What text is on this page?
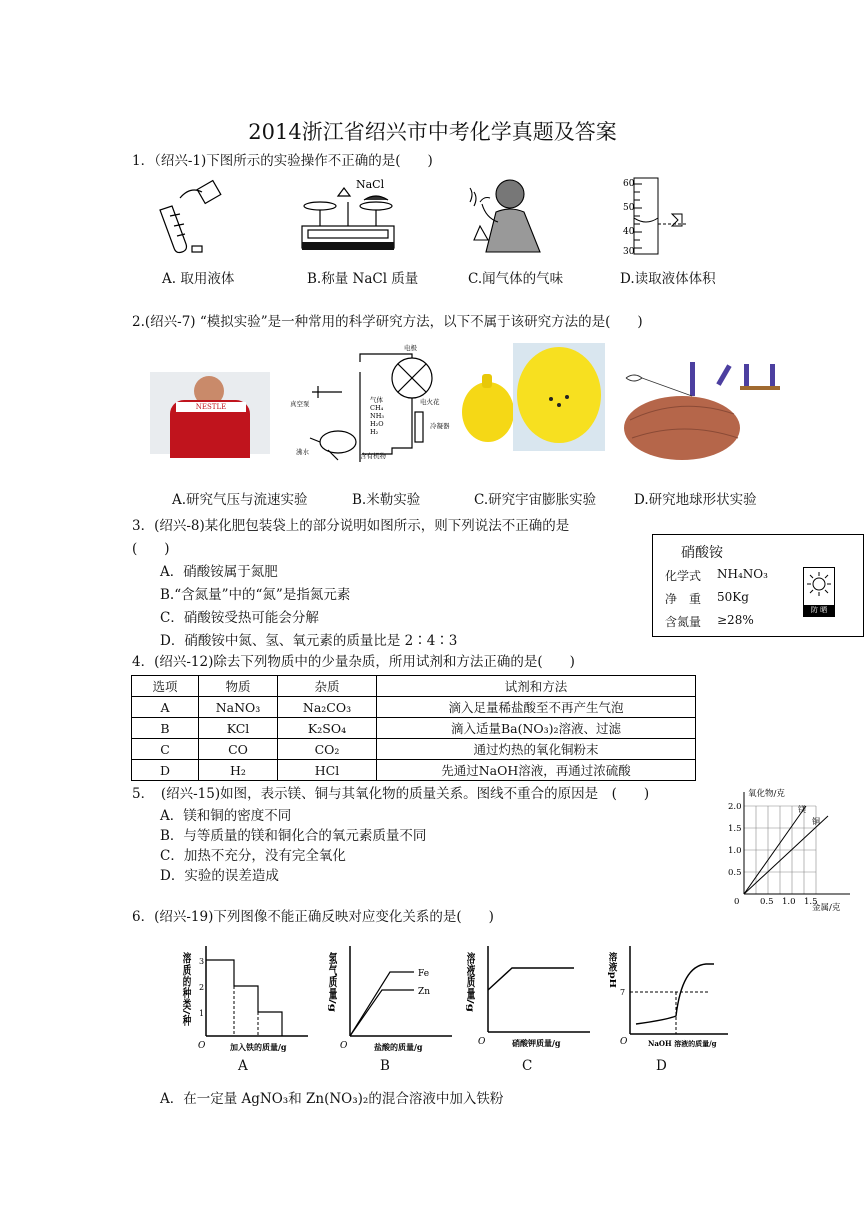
2014浙江省绍兴市中考化学真题及答案
1．（绍兴-1)下图所示的实验操作不正确的是(　　)
NaCl	60
50
40
30
A. 取用液体	B.称量 NaCl 质量	C.闻气体的气味	D.读取液体体积
2.(绍兴-7) “模拟实验”是一种常用的科学研究方法，以下不属于该研究方法的是(　　)
NESTLE
电极
真空泵	气体
CH₄
NH₃
H₂O
H₂
电火花
冷凝器
沸水	含有机物
A.研究气压与流速实验	B.米勒实验	C.研究宇宙膨胀实验	D.研究地球形状实验
3．(绍兴-8)某化肥包装袋上的部分说明如图所示，则下列说法不正确的是
(　　)
A．硝酸铵属于氮肥
B.“含氮量”中的“氮”是指氮元素
C．硝酸铵受热可能会分解
D．硝酸铵中氮、氢、氧元素的质量比是 2∶4∶3
硝酸铵
化学式 NH₄NO₃
净　重 50Kg
含氮量 ≥28%
防 晒
4．(绍兴-12)除去下列物质中的少量杂质，所用试剂和方法正确的是(　　)
选项	物质	杂质	试剂和方法
A	NaNO₃	Na₂CO₃	滴入足量稀盐酸至不再产生气泡
B	KCl	K₂SO₄	滴入适量Ba(NO₃)₂溶液、过滤
C	CO	CO₂	通过灼热的氧化铜粉末
D	H₂	HCl	先通过NaOH溶液，再通过浓硫酸
5．　(绍兴-15)如图，表示镁、铜与其氧化物的质量关系。图线不重合的原因是　(　　)
A．镁和铜的密度不同
B．与等质量的镁和铜化合的氧元素质量不同
C．加热不充分，没有完全氧化
D．实验的误差造成
氧化物/克
金属/克
2.0
1.5
1.0
0.5
0 0.5 1.0 1.5
镁
铜
6．(绍兴-19)下列图像不能正确反映对应变化关系的是(　　)
溶质的种类/种 3
2
1
O	加入铁的质量/g
氢气质量/g	Fe
Zn
O	盐酸的质量/g
溶液质量/g
O	硝酸钾质量/g
溶液pH
7
O	NaOH 溶液的质量/g
A	B	C	D
A．在一定量 AgNO₃和 Zn(NO₃)₂的混合溶液中加入铁粉
